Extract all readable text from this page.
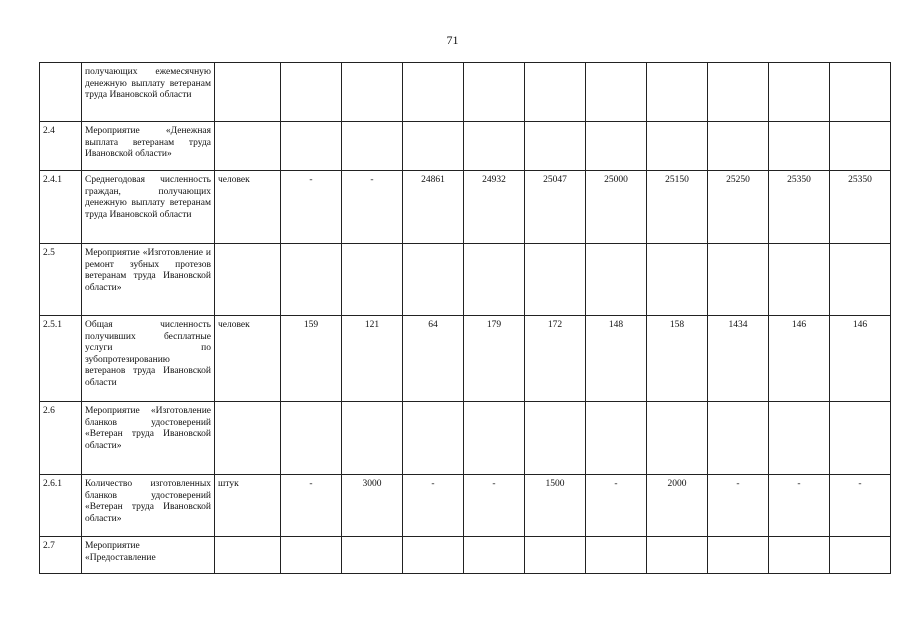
71
	получающих ежемесячную денежную выплату ветеранам труда Ивановской области											
2.4	Мероприятие «Денежная выплата ветеранам труда Ивановской области»											
2.4.1	Среднегодовая численность граждан, получающих денежную выплату ветеранам труда Ивановской области	человек	-	-	24861	24932	25047	25000	25150	25250	25350	25350
2.5	Мероприятие «Изготовление и ремонт зубных протезов ветеранам труда Ивановской области»											
2.5.1	Общая численность получивших бесплатные услуги по зубопротезированию ветеранов труда Ивановской области	человек	159	121	64	179	172	148	158	1434	146	146
2.6	Мероприятие «Изготовление бланков удостоверений «Ветеран труда Ивановской области»											
2.6.1	Количество изготовленных бланков удостоверений «Ветеран труда Ивановской области»	штук	-	3000	-	-	1500	-	2000	-	-	-
2.7	Мероприятие «Предоставление											
